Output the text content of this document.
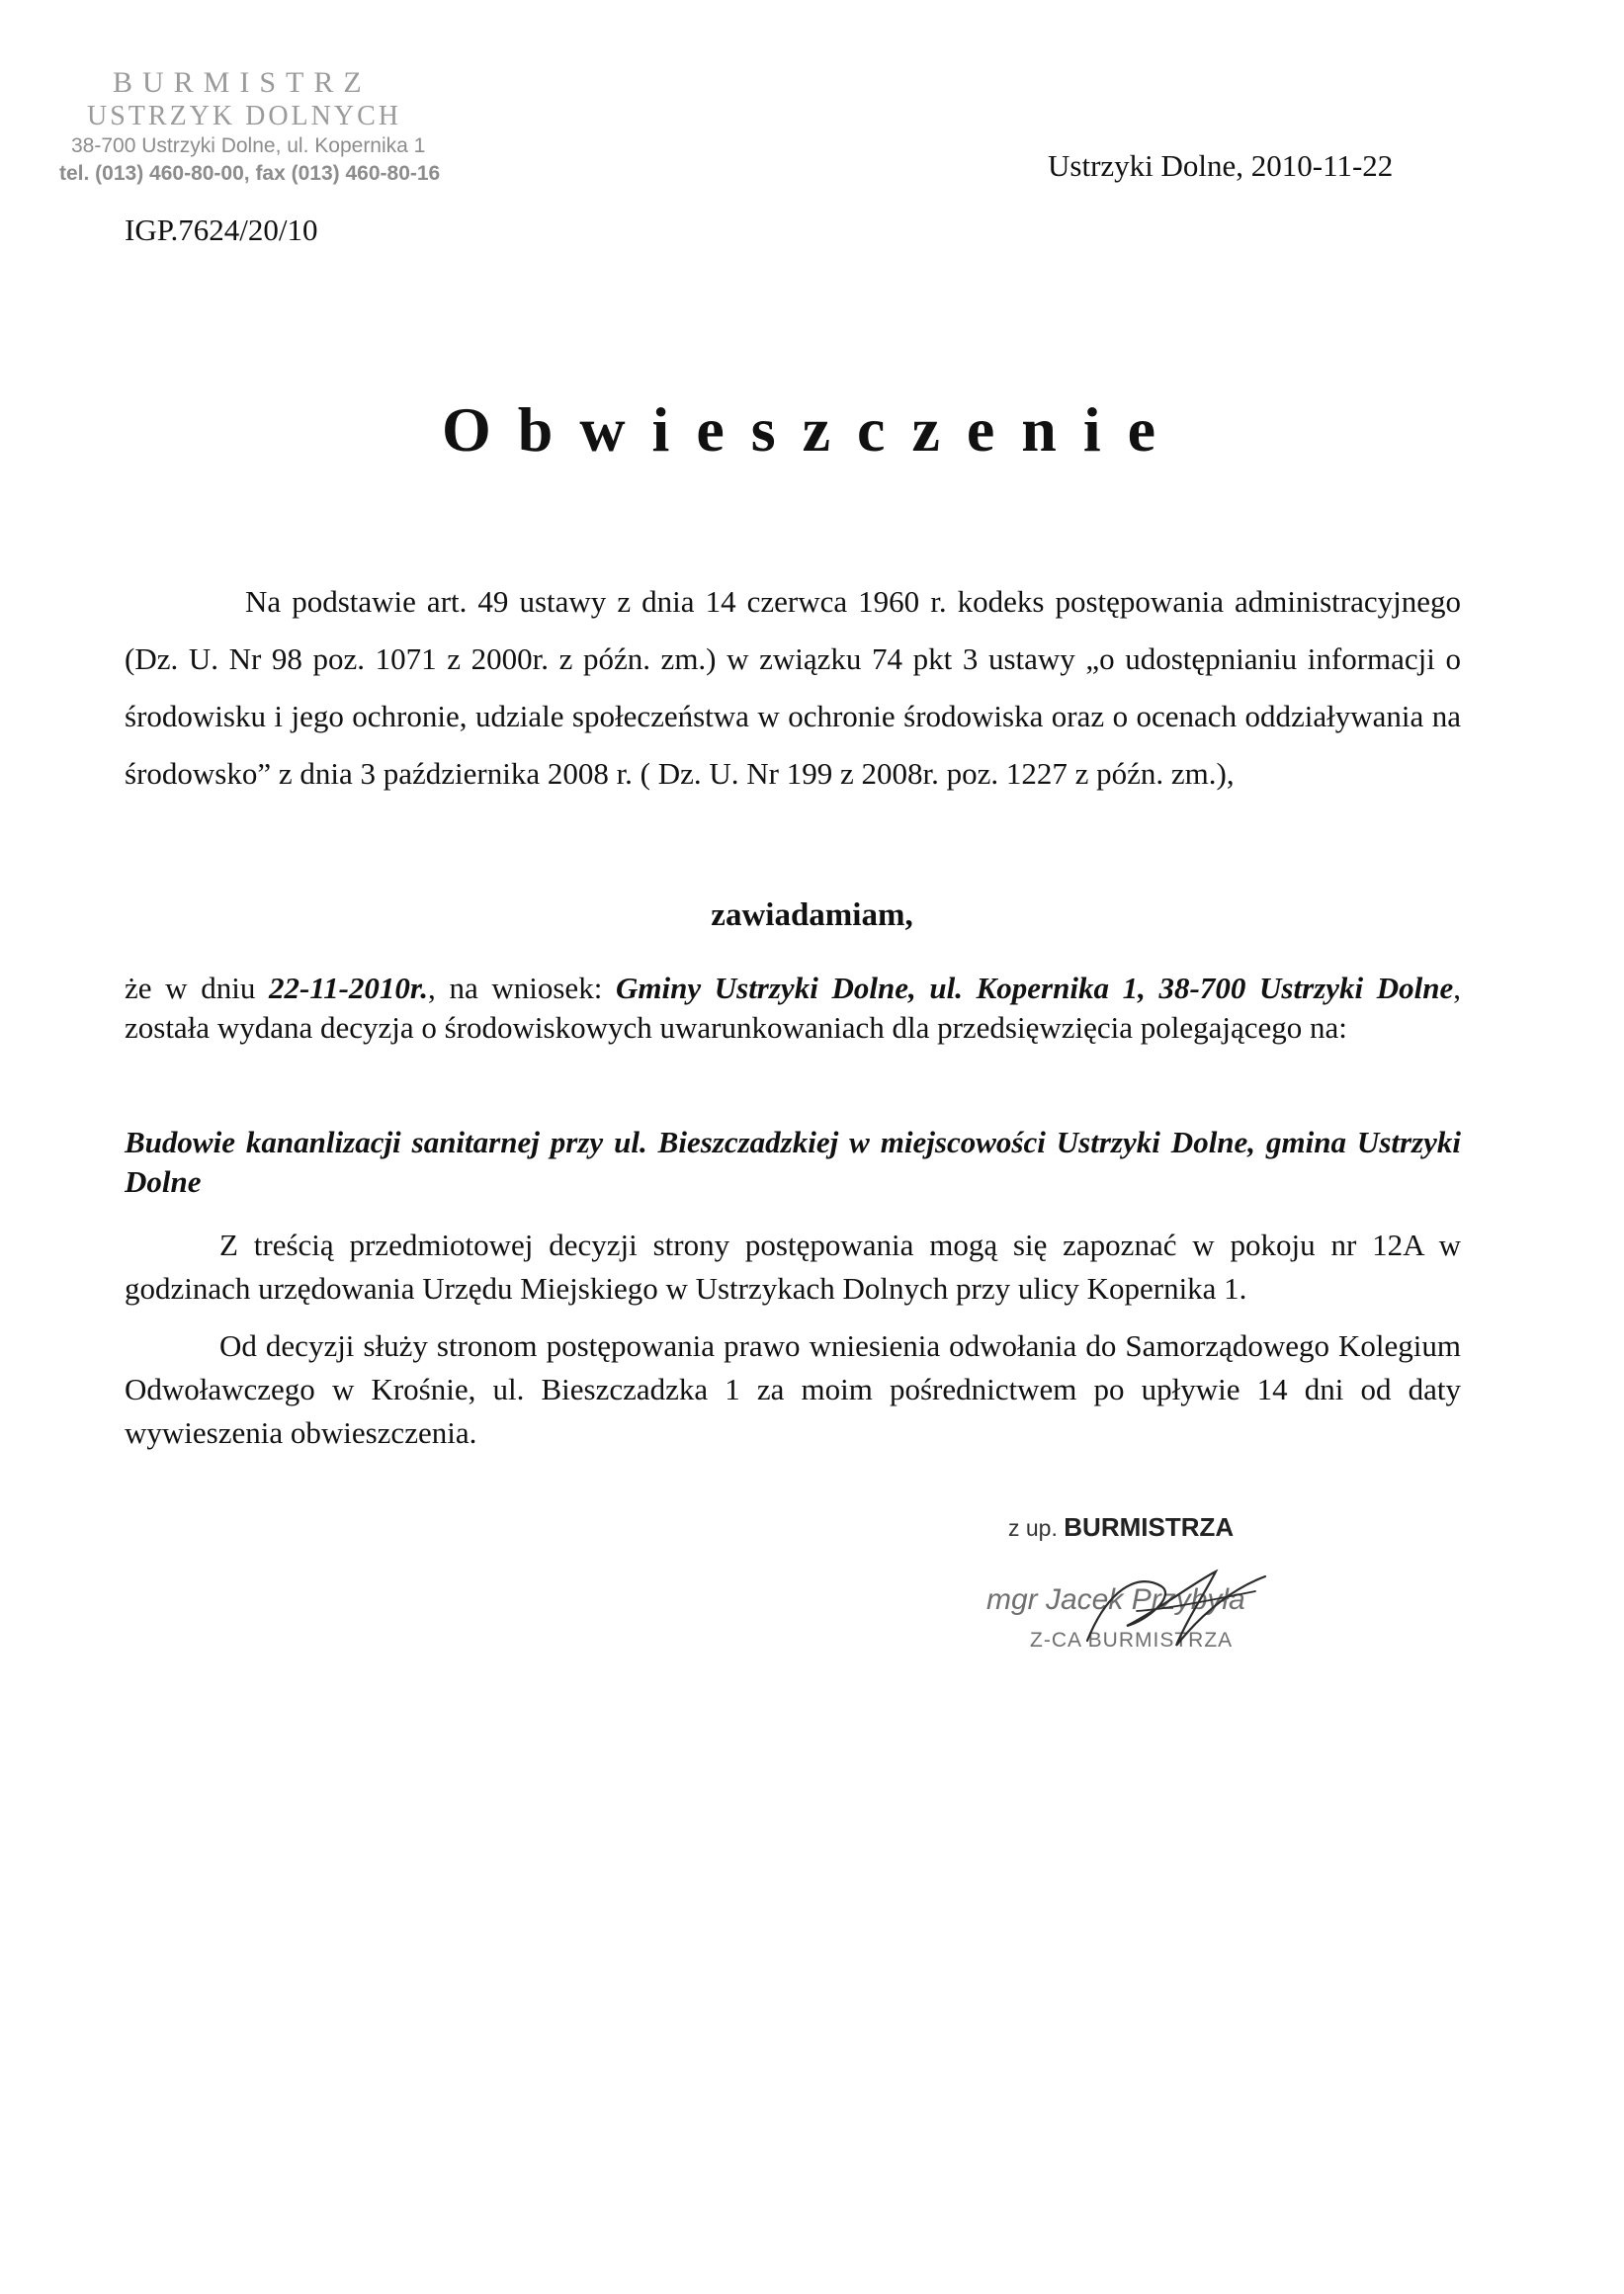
BURMISTRZ
USTRZYK DOLNYCH
38-700 Ustrzyki Dolne, ul. Kopernika 1
tel. (013) 460-80-00, fax (013) 460-80-16	Ustrzyki Dolne, 2010-11-22
IGP.7624/20/10
Obwieszczenie

Na podstawie art. 49 ustawy z dnia 14 czerwca 1960 r. kodeks postępowania administracyjnego (Dz. U. Nr 98 poz. 1071 z 2000r. z późn. zm.) w związku 74 pkt 3 ustawy „o udostępnianiu informacji o środowisku i jego ochronie, udziale społeczeństwa w ochronie środowiska oraz o ocenach oddziaływania na środowsko” z dnia 3 października 2008 r. ( Dz. U. Nr 199 z 2008r. poz. 1227 z późn. zm.),

zawiadamiam,

że w dniu 22-11-2010r., na wniosek: Gminy Ustrzyki Dolne, ul. Kopernika 1, 38-700 Ustrzyki Dolne, została wydana decyzja o środowiskowych uwarunkowaniach dla przedsięwzięcia polegającego na:

Budowie kananlizacji sanitarnej przy ul. Bieszczadzkiej w miejscowości Ustrzyki Dolne, gmina Ustrzyki Dolne

Z treścią przedmiotowej decyzji strony postępowania mogą się zapoznać w pokoju nr 12A w godzinach urzędowania Urzędu Miejskiego w Ustrzykach Dolnych przy ulicy Kopernika 1.

Od decyzji służy stronom postępowania prawo wniesienia odwołania do Samorządowego Kolegium Odwoławczego w Krośnie, ul. Bieszczadzka 1 za moim pośrednictwem po upływie 14 dni od daty wywieszenia obwieszczenia.

z up. BURMISTRZA
mgr Jacek Przybyła
Z-CA BURMISTRZA
